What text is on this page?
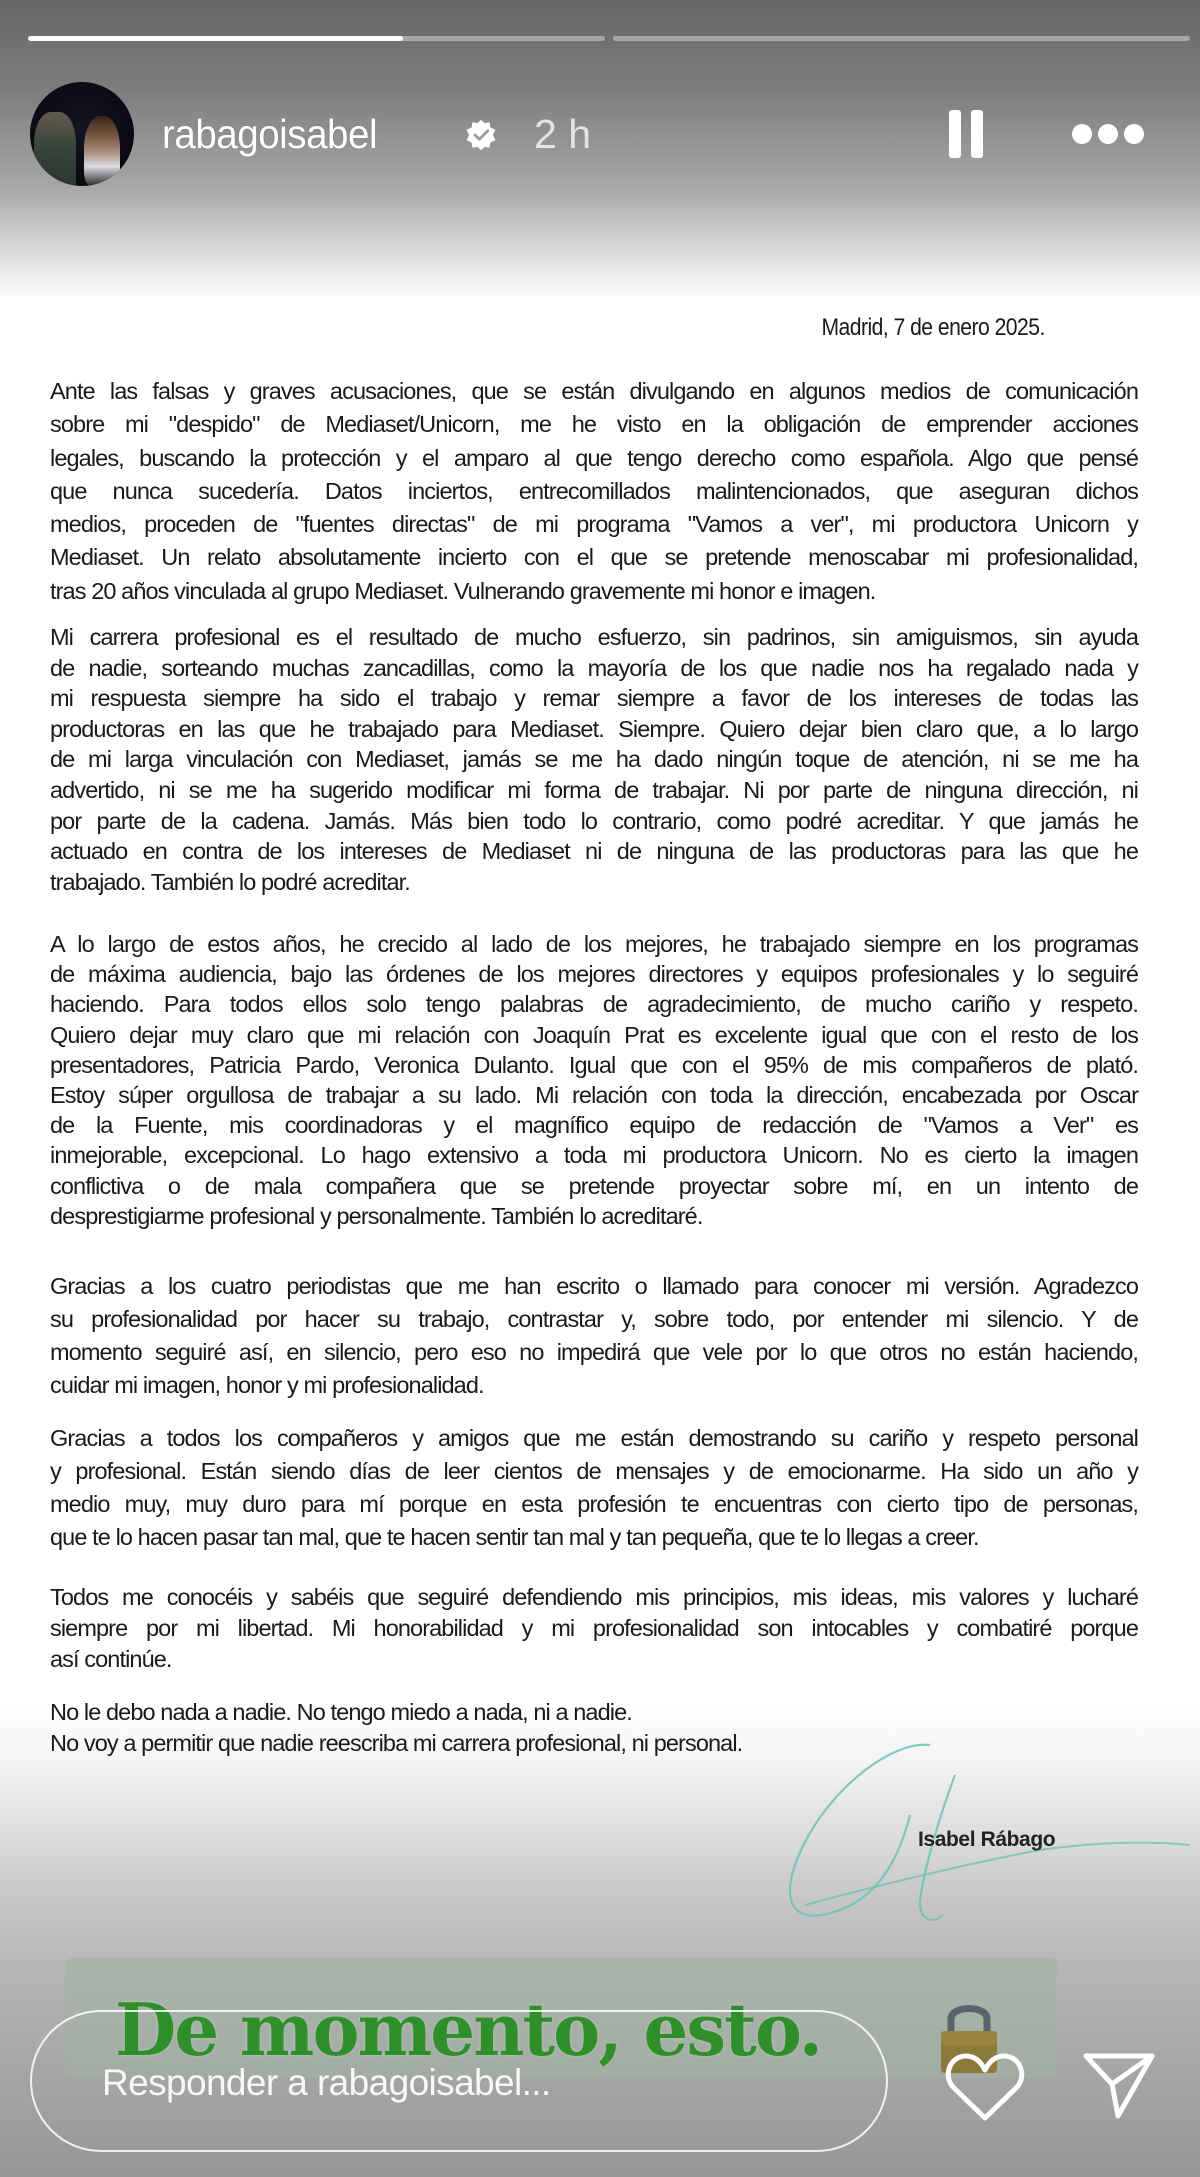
rabagoisabel	2 h
Madrid, 7 de enero 2025.
Ante las falsas y graves acusaciones, que se están divulgando en algunos medios de comunicación
sobre mi "despido" de Mediaset/Unicorn, me he visto en la obligación de emprender acciones
legales, buscando la protección y el amparo al que tengo derecho como española. Algo que pensé
que nunca sucedería. Datos inciertos, entrecomillados malintencionados, que aseguran dichos
medios, proceden de "fuentes directas" de mi programa "Vamos a ver", mi productora Unicorn y
Mediaset. Un relato absolutamente incierto con el que se pretende menoscabar mi profesionalidad,
tras 20 años vinculada al grupo Mediaset. Vulnerando gravemente mi honor e imagen.
Mi carrera profesional es el resultado de mucho esfuerzo, sin padrinos, sin amiguismos, sin ayuda
de nadie, sorteando muchas zancadillas, como la mayoría de los que nadie nos ha regalado nada y
mi respuesta siempre ha sido el trabajo y remar siempre a favor de los intereses de todas las
productoras en las que he trabajado para Mediaset. Siempre. Quiero dejar bien claro que, a lo largo
de mi larga vinculación con Mediaset, jamás se me ha dado ningún toque de atención, ni se me ha
advertido, ni se me ha sugerido modificar mi forma de trabajar. Ni por parte de ninguna dirección, ni
por parte de la cadena. Jamás. Más bien todo lo contrario, como podré acreditar. Y que jamás he
actuado en contra de los intereses de Mediaset ni de ninguna de las productoras para las que he
trabajado. También lo podré acreditar.
A lo largo de estos años, he crecido al lado de los mejores, he trabajado siempre en los programas
de máxima audiencia, bajo las órdenes de los mejores directores y equipos profesionales y lo seguiré
haciendo. Para todos ellos solo tengo palabras de agradecimiento, de mucho cariño y respeto.
Quiero dejar muy claro que mi relación con Joaquín Prat es excelente igual que con el resto de los
presentadores, Patricia Pardo, Veronica Dulanto. Igual que con el 95% de mis compañeros de plató.
Estoy súper orgullosa de trabajar a su lado. Mi relación con toda la dirección, encabezada por Oscar
de la Fuente, mis coordinadoras y el magnífico equipo de redacción de "Vamos a Ver" es
inmejorable, excepcional. Lo hago extensivo a toda mi productora Unicorn. No es cierto la imagen
conflictiva o de mala compañera que se pretende proyectar sobre mí, en un intento de
desprestigiarme profesional y personalmente. También lo acreditaré.
Gracias a los cuatro periodistas que me han escrito o llamado para conocer mi versión. Agradezco
su profesionalidad por hacer su trabajo, contrastar y, sobre todo, por entender mi silencio. Y de
momento seguiré así, en silencio, pero eso no impedirá que vele por lo que otros no están haciendo,
cuidar mi imagen, honor y mi profesionalidad.
Gracias a todos los compañeros y amigos que me están demostrando su cariño y respeto personal
y profesional. Están siendo días de leer cientos de mensajes y de emocionarme. Ha sido un año y
medio muy, muy duro para mí porque en esta profesión te encuentras con cierto tipo de personas,
que te lo hacen pasar tan mal, que te hacen sentir tan mal y tan pequeña, que te lo llegas a creer.
Todos me conocéis y sabéis que seguiré defendiendo mis principios, mis ideas, mis valores y lucharé
siempre por mi libertad. Mi honorabilidad y mi profesionalidad son intocables y combatiré porque
así continúe.
No le debo nada a nadie. No tengo miedo a nada, ni a nadie.
No voy a permitir que nadie reescriba mi carrera profesional, ni personal.
Isabel Rábago
De momento, esto.
Responder a rabagoisabel...
